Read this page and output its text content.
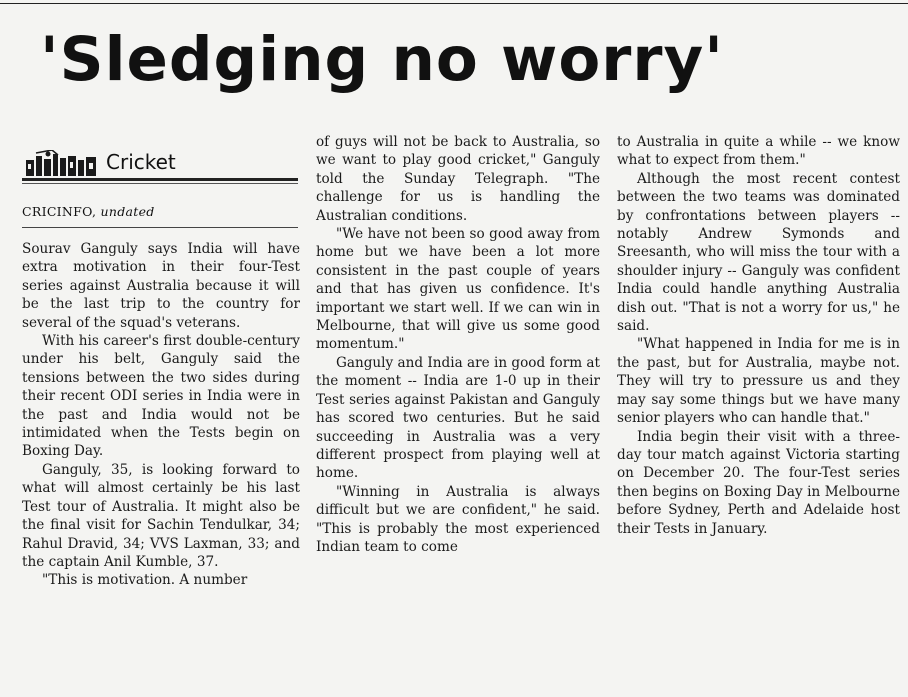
'Sledging no worry'
Cricket
CRICINFO, undated

Sourav Ganguly says India will have extra motivation in their four-Test series against Australia because it will be the last trip to the country for several of the squad's veterans.

With his career's first double-century under his belt, Ganguly said the tensions between the two sides during their recent ODI series in India were in the past and India would not be intimidated when the Tests begin on Boxing Day.

Ganguly, 35, is looking forward to what will almost certainly be his last Test tour of Australia. It might also be the final visit for Sachin Tendulkar, 34; Rahul Dravid, 34; VVS Laxman, 33; and the captain Anil Kumble, 37.

"This is motivation. A number

of guys will not be back to Australia, so we want to play good cricket," Ganguly told the Sunday Telegraph. "The challenge for us is handling the Australian conditions.

"We have not been so good away from home but we have been a lot more consistent in the past couple of years and that has given us confidence. It's important we start well. If we can win in Melbourne, that will give us some good momentum."

Ganguly and India are in good form at the moment -- India are 1-0 up in their Test series against Pakistan and Ganguly has scored two centuries. But he said succeeding in Australia was a very different prospect from playing well at home.

"Winning in Australia is always difficult but we are confident," he said. "This is probably the most experienced Indian team to come

to Australia in quite a while -- we know what to expect from them."

Although the most recent contest between the two teams was dominated by confrontations between players -- notably Andrew Symonds and Sreesanth, who will miss the tour with a shoulder injury -- Ganguly was confident India could handle anything Australia dish out. "That is not a worry for us," he said.

"What happened in India for me is in the past, but for Australia, maybe not. They will try to pressure us and they may say some things but we have many senior players who can handle that."

India begin their visit with a three-day tour match against Victoria starting on December 20. The four-Test series then begins on Boxing Day in Melbourne before Sydney, Perth and Adelaide host their Tests in January.
